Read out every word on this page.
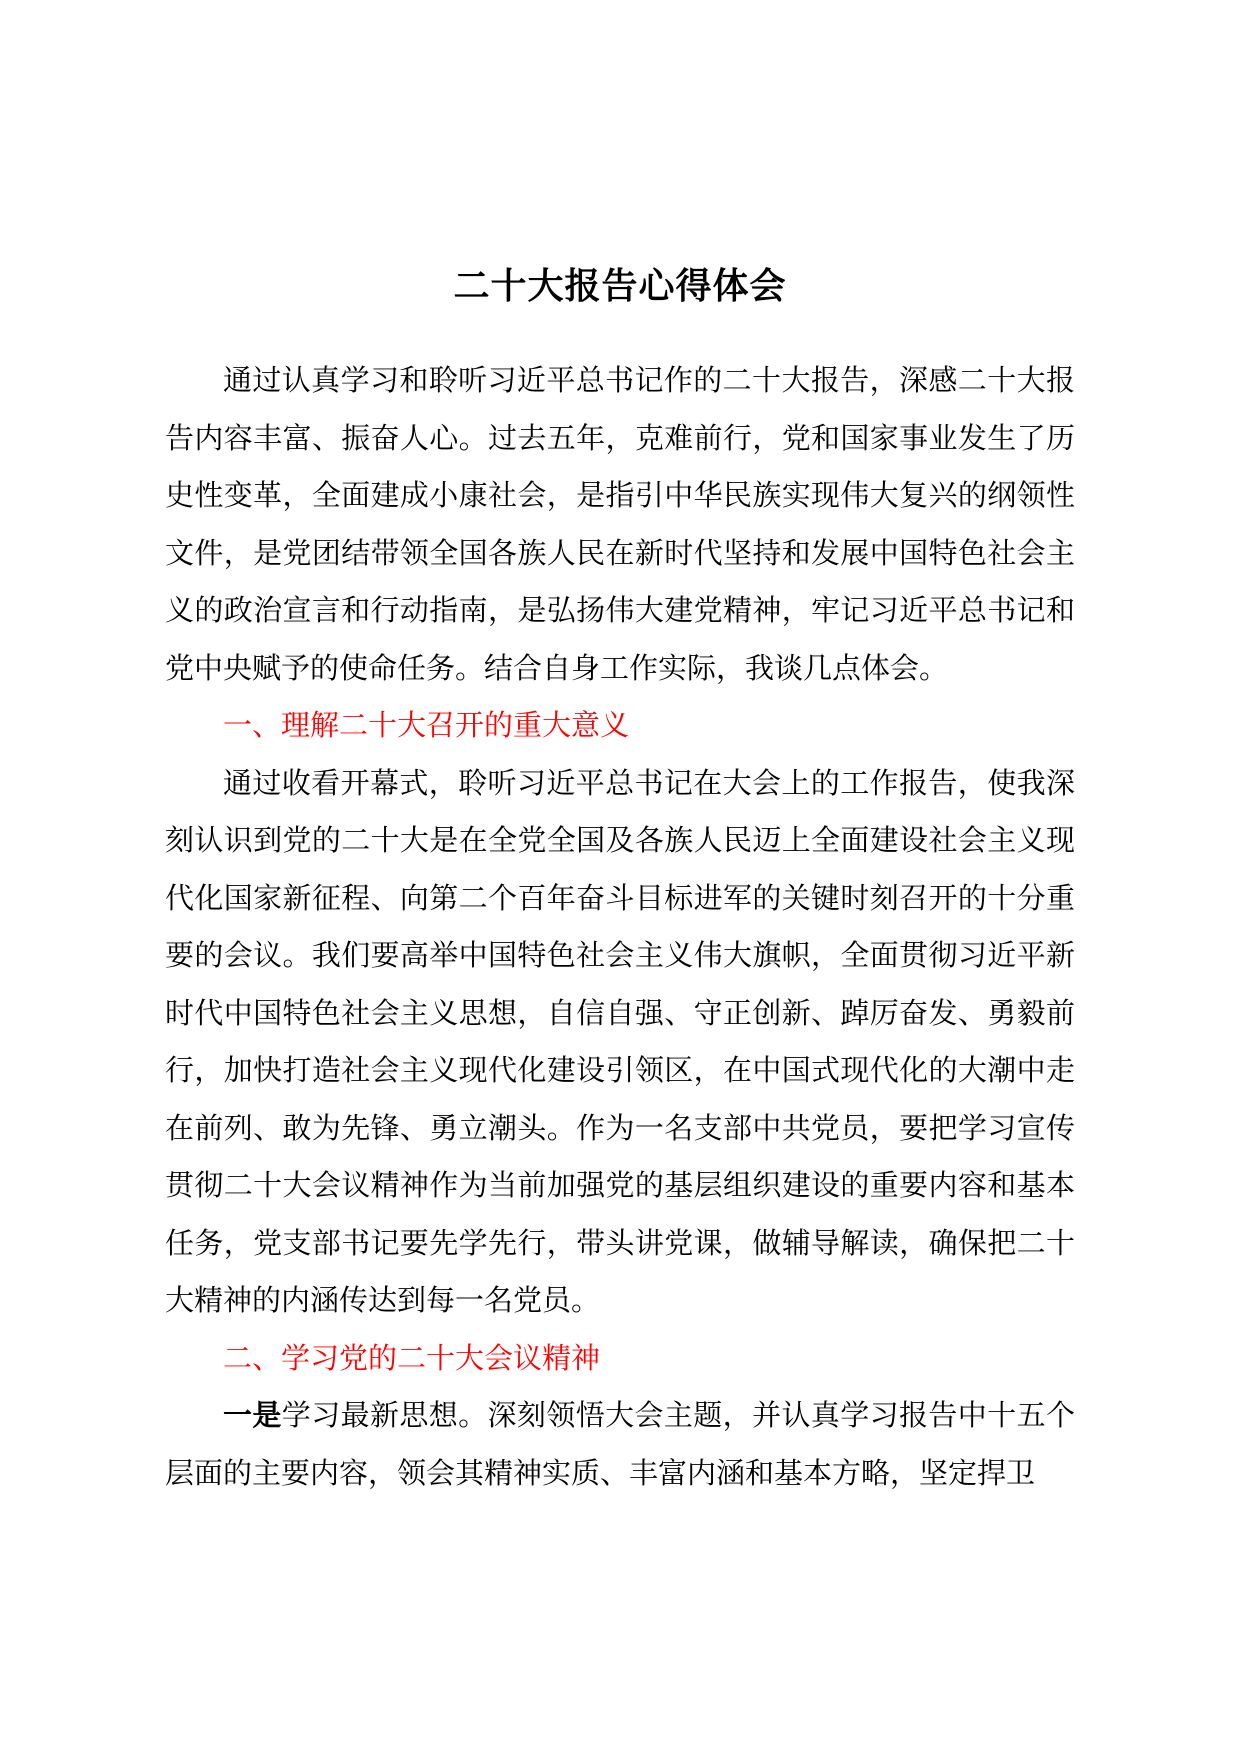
二十大报告心得体会

通过认真学习和聆听习近平总书记作的二十大报告，深感二十大报告内容丰富、振奋人心。过去五年，克难前行，党和国家事业发生了历史性变革，全面建成小康社会，是指引中华民族实现伟大复兴的纲领性文件，是党团结带领全国各族人民在新时代坚持和发展中国特色社会主义的政治宣言和行动指南，是弘扬伟大建党精神，牢记习近平总书记和党中央赋予的使命任务。结合自身工作实际，我谈几点体会。

一、理解二十大召开的重大意义

通过收看开幕式，聆听习近平总书记在大会上的工作报告，使我深刻认识到党的二十大是在全党全国及各族人民迈上全面建设社会主义现代化国家新征程、向第二个百年奋斗目标进军的关键时刻召开的十分重要的会议。我们要高举中国特色社会主义伟大旗帜，全面贯彻习近平新时代中国特色社会主义思想，自信自强、守正创新、踔厉奋发、勇毅前行，加快打造社会主义现代化建设引领区，在中国式现代化的大潮中走在前列、敢为先锋、勇立潮头。作为一名支部中共党员，要把学习宣传贯彻二十大会议精神作为当前加强党的基层组织建设的重要内容和基本任务，党支部书记要先学先行，带头讲党课，做辅导解读，确保把二十大精神的内涵传达到每一名党员。

二、学习党的二十大会议精神

一是学习最新思想。深刻领悟大会主题，并认真学习报告中十五个层面的主要内容，领会其精神实质、丰富内涵和基本方略，坚定捍卫
